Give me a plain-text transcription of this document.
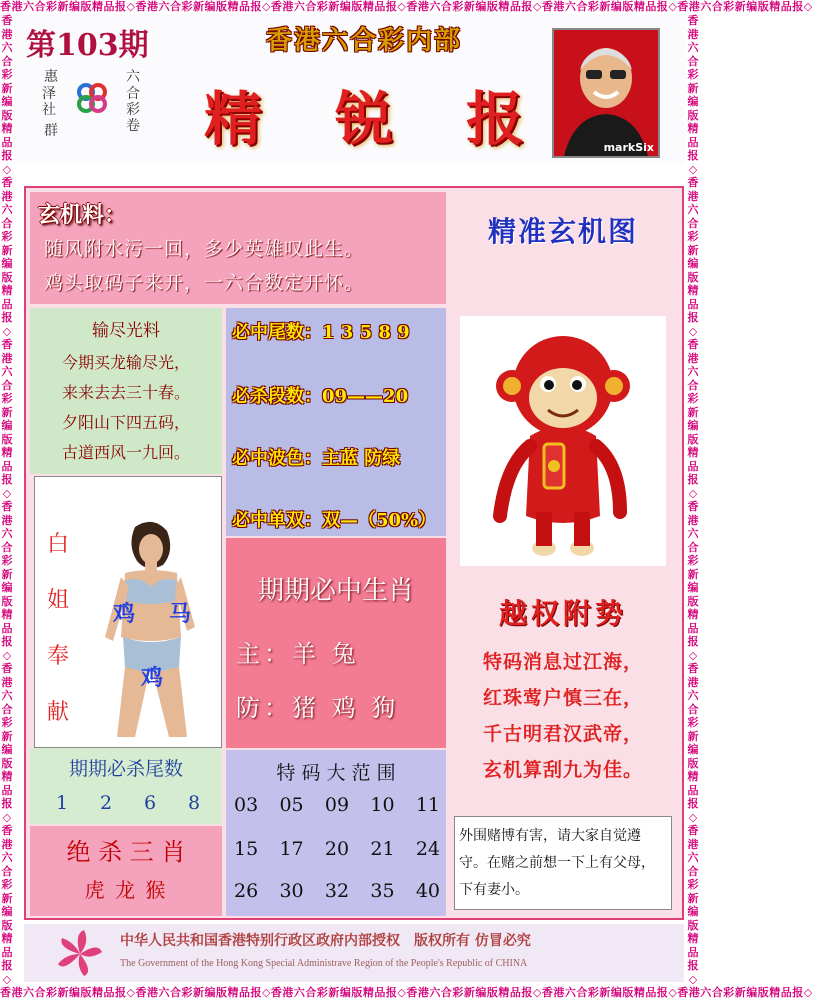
香港六合彩新编版精品报◇香港六合彩新编版精品报◇香港六合彩新编版精品报◇香港六合彩新编版精品报◇香港六合彩新编版精品报◇香港六合彩新编版精品报◇
香港六合彩新编版精品报◇香港六合彩新编版精品报◇香港六合彩新编版精品报◇香港六合彩新编版精品报◇香港六合彩新编版精品报◇香港六合彩新编版精品报◇
香港六合彩新编版精品报◇香港六合彩新编版精品报◇香港六合彩新编版精品报◇香港六合彩新编版精品报◇香港六合彩新编版精品报◇香港六合彩新编版精品报◇
香港六合彩新编版精品报◇香港六合彩新编版精品报◇香港六合彩新编版精品报◇香港六合彩新编版精品报◇香港六合彩新编版精品报◇香港六合彩新编版精品报◇
第103期
惠
泽社
群
六
合彩卷
香港六合彩内部
精 锐 报	markSix
玄机料：
随风附水污一回，多少英雄叹此生。
鸡头取码子来开，一六合数定开怀。
输尽光料
今期买龙输尽光，
来来去去三十春。
夕阳山下四五码，
古道西风一九回。
必中尾数：1 3 5 8 9
必杀段数：09——20
必中波色：主蓝 防绿
必中单双：双—（50%）
白
姐
奉
献
鸡 马
鸡
期期必中生肖
主：羊 兔
防：猪 鸡 狗
期期必杀尾数
1 2 6 8
绝 杀 三 肖
虎 龙 猴
特 码 大 范 围
03 05 09 10 11
15 17 20 21 24
26 30 32 35 40
精准玄机图
越权附势
特码消息过江海，
红珠莺户慎三在，
千古明君汉武帝，
玄机算刮九为佳。
外围赌博有害，请大家自觉遵守。在赌之前想一下上有父母，下有妻小。
中华人民共和国香港特别行政区政府内部授权　版权所有 仿冒必究
The Government of the Hong Kong Special Administrave Region of the People's Republic of CHINA
